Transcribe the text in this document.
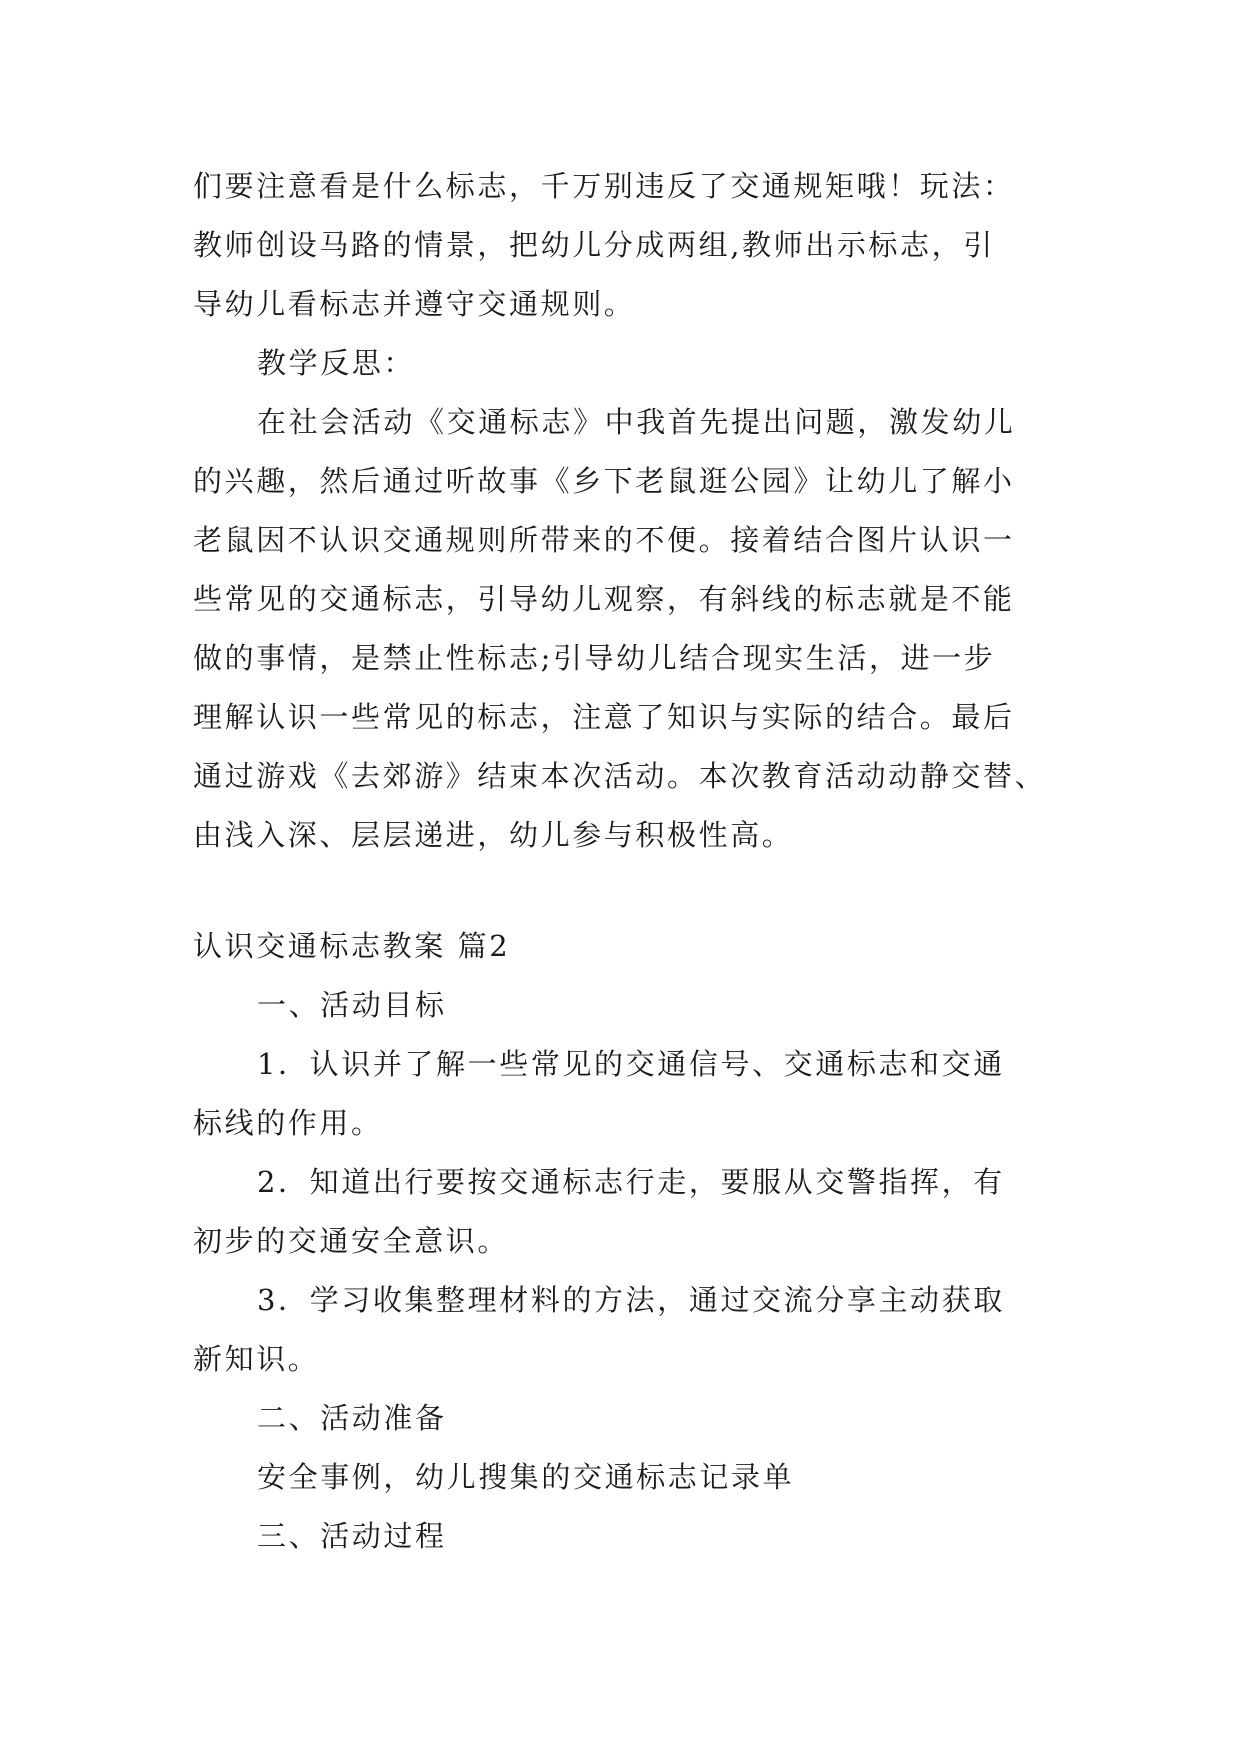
们要注意看是什么标志，千万别违反了交通规矩哦！玩法：
教师创设马路的情景，把幼儿分成两组,教师出示标志，引
导幼儿看标志并遵守交通规则。
教学反思：
在社会活动《交通标志》中我首先提出问题，激发幼儿
的兴趣，然后通过听故事《乡下老鼠逛公园》让幼儿了解小
老鼠因不认识交通规则所带来的不便。接着结合图片认识一
些常见的交通标志，引导幼儿观察，有斜线的标志就是不能
做的事情，是禁止性标志;引导幼儿结合现实生活，进一步
理解认识一些常见的标志，注意了知识与实际的结合。最后
通过游戏《去郊游》结束本次活动。本次教育活动动静交替、
由浅入深、层层递进，幼儿参与积极性高。
认识交通标志教案 篇2
一、活动目标
1．认识并了解一些常见的交通信号、交通标志和交通
标线的作用。
2．知道出行要按交通标志行走，要服从交警指挥，有
初步的交通安全意识。
3．学习收集整理材料的方法，通过交流分享主动获取
新知识。
二、活动准备
安全事例，幼儿搜集的交通标志记录单
三、活动过程
